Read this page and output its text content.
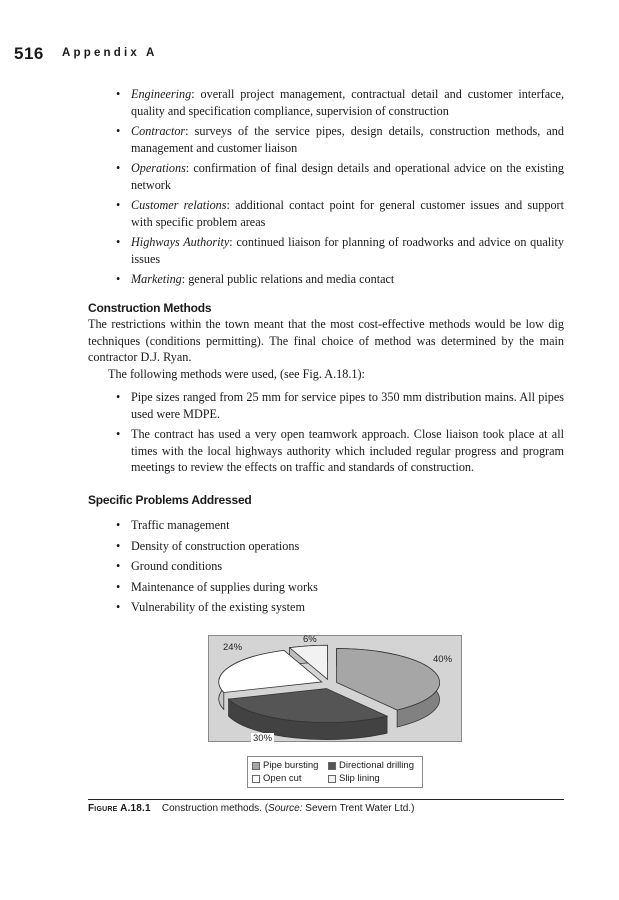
516 Appendix A
• Engineering: overall project management, contractual detail and customer interface, quality and specification compliance, supervision of construction
• Contractor: surveys of the service pipes, design details, construction methods, and management and customer liaison
• Operations: confirmation of final design details and operational advice on the existing network
• Customer relations: additional contact point for general customer issues and support with specific problem areas
• Highways Authority: continued liaison for planning of roadworks and advice on quality issues
• Marketing: general public relations and media contact
Construction Methods

The restrictions within the town meant that the most cost-effective methods would be low dig techniques (conditions permitting). The final choice of method was determined by the main contractor D.J. Ryan.

The following methods were used, (see Fig. A.18.1):

• Pipe sizes ranged from 25 mm for service pipes to 350 mm distribution mains. All pipes used were MDPE.
• The contract has used a very open teamwork approach. Close liaison took place at all times with the local highways authority which included regular progress and program meetings to review the effects on traffic and standards of construction.
Specific Problems Addressed
• Traffic management
• Density of construction operations
• Ground conditions
• Maintenance of supplies during works
• Vulnerability of the existing system
40%
30%
24%
6%
Pipe bursting Directional drilling
Open cut	Slip lining
Figure A.18.1 Construction methods. (Source: Severn Trent Water Ltd.)
